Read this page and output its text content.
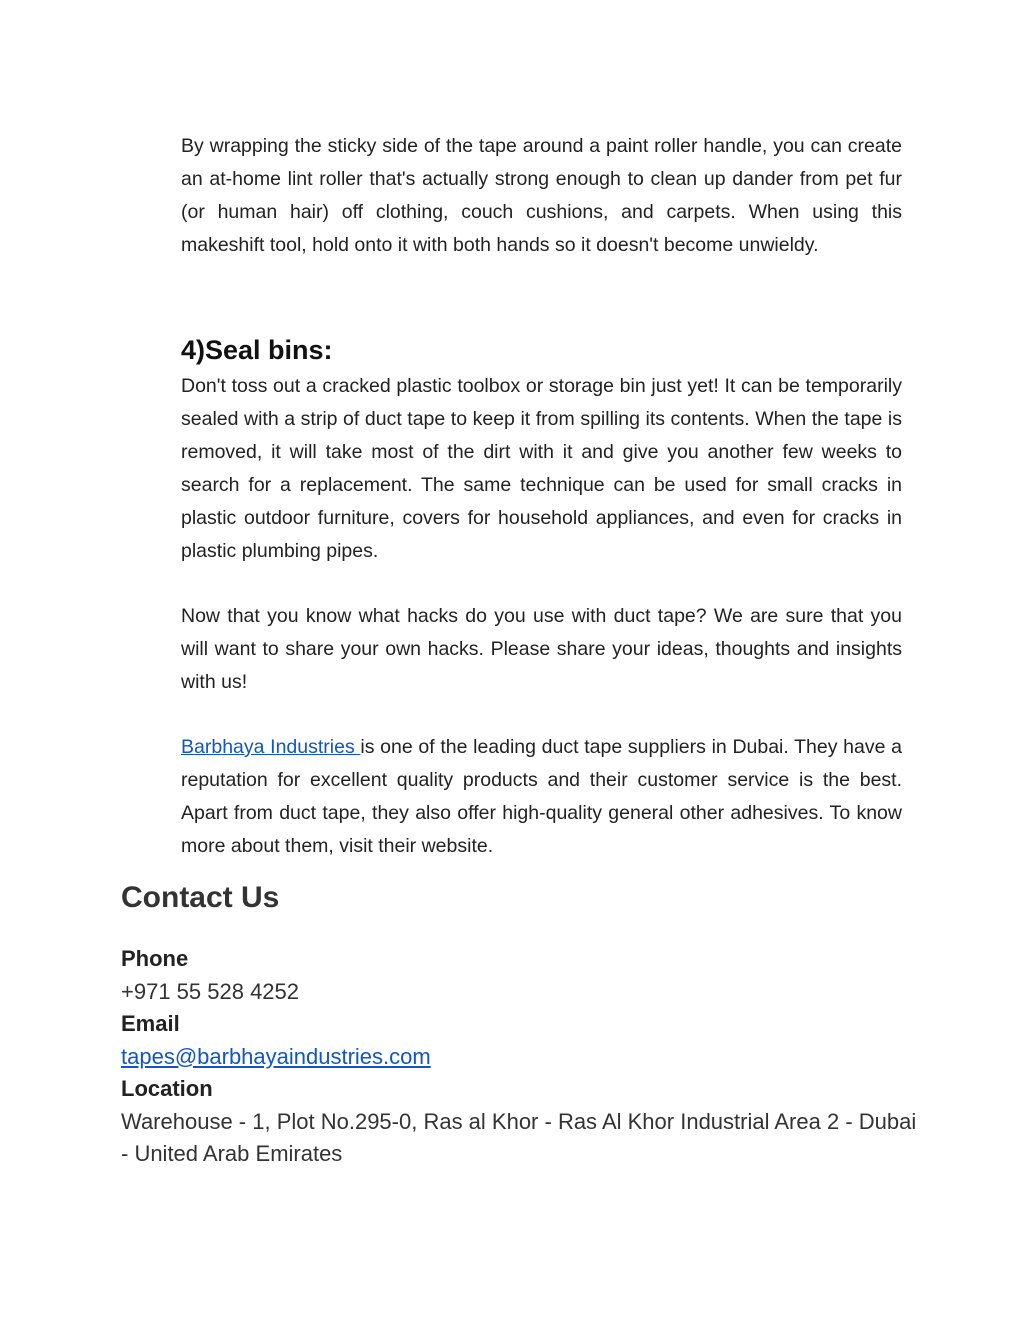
By wrapping the sticky side of the tape around a paint roller handle, you can create an at-home lint roller that's actually strong enough to clean up dander from pet fur (or human hair) off clothing, couch cushions, and carpets. When using this makeshift tool, hold onto it with both hands so it doesn't become unwieldy.

4)Seal bins:

Don't toss out a cracked plastic toolbox or storage bin just yet! It can be temporarily sealed with a strip of duct tape to keep it from spilling its contents. When the tape is removed, it will take most of the dirt with it and give you another few weeks to search for a replacement. The same technique can be used for small cracks in plastic outdoor furniture, covers for household appliances, and even for cracks in plastic plumbing pipes.

Now that you know what hacks do you use with duct tape? We are sure that you will want to share your own hacks. Please share your ideas, thoughts and insights with us!

Barbhaya Industries is one of the leading duct tape suppliers in Dubai. They have a reputation for excellent quality products and their customer service is the best. Apart from duct tape, they also offer high-quality general other adhesives. To know more about them, visit their website.

Contact Us
Phone
+971 55 528 4252
Email
tapes@barbhayaindustries.com
Location
Warehouse - 1, Plot No.295-0, Ras al Khor - Ras Al Khor Industrial Area 2 - Dubai - United Arab Emirates
